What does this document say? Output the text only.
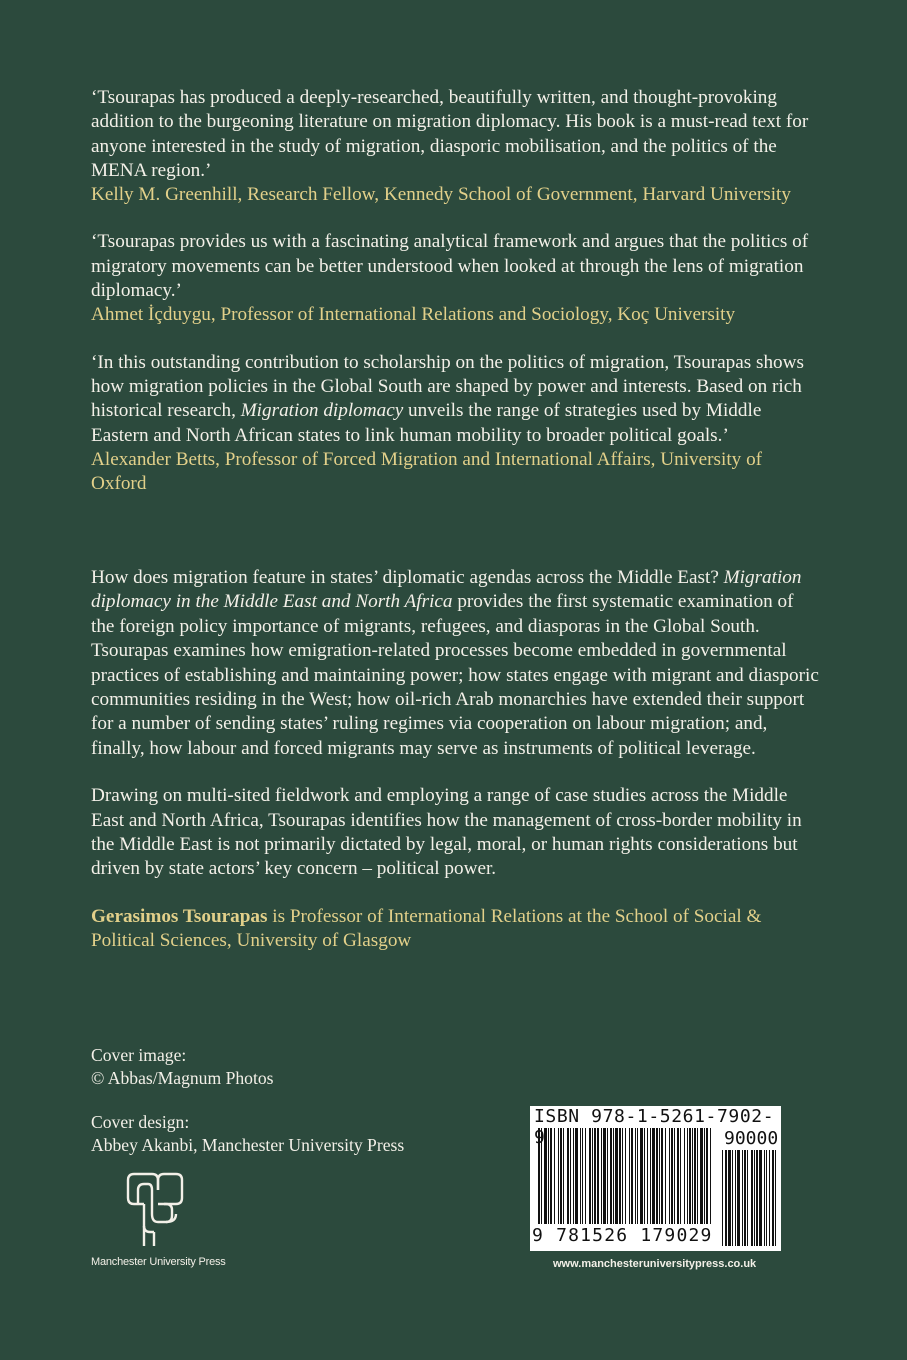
‘Tsourapas has produced a deeply-researched, beautifully written, and thought-provoking addition to the burgeoning literature on migration diplomacy. His book is a must-read text for anyone interested in the study of migration, diasporic mobilisation, and the politics of the MENA region.’

Kelly M. Greenhill, Research Fellow, Kennedy School of Government, Harvard University

‘Tsourapas provides us with a fascinating analytical framework and argues that the politics of migratory movements can be better understood when looked at through the lens of migration diplomacy.’

Ahmet İçduygu, Professor of International Relations and Sociology, Koç University

‘In this outstanding contribution to scholarship on the politics of migration, Tsourapas shows how migration policies in the Global South are shaped by power and interests. Based on rich historical research, Migration diplomacy unveils the range of strategies used by Middle Eastern and North African states to link human mobility to broader political goals.’

Alexander Betts, Professor of Forced Migration and International Affairs, University of Oxford

How does migration feature in states’ diplomatic agendas across the Middle East? Migration diplomacy in the Middle East and North Africa provides the first systematic examination of the foreign policy importance of migrants, refugees, and diasporas in the Global South. Tsourapas examines how emigration-related processes become embedded in governmental practices of establishing and maintaining power; how states engage with migrant and diasporic communities residing in the West; how oil-rich Arab monarchies have extended their support for a number of sending states’ ruling regimes via cooperation on labour migration; and, finally, how labour and forced migrants may serve as instruments of political leverage.

Drawing on multi-sited fieldwork and employing a range of case studies across the Middle East and North Africa, Tsourapas identifies how the management of cross-border mobility in the Middle East is not primarily dictated by legal, moral, or human rights considerations but driven by state actors’ key concern – political power.

Gerasimos Tsourapas is Professor of International Relations at the School of Social & Political Sciences, University of Glasgow

Cover image:

© Abbas/Magnum Photos

Cover design:

Abbey Akanbi, Manchester University Press

Manchester University Press
ISBN 978-1-5261-7902-9	90000
9 781526 179029
www.manchesteruniversitypress.co.uk
